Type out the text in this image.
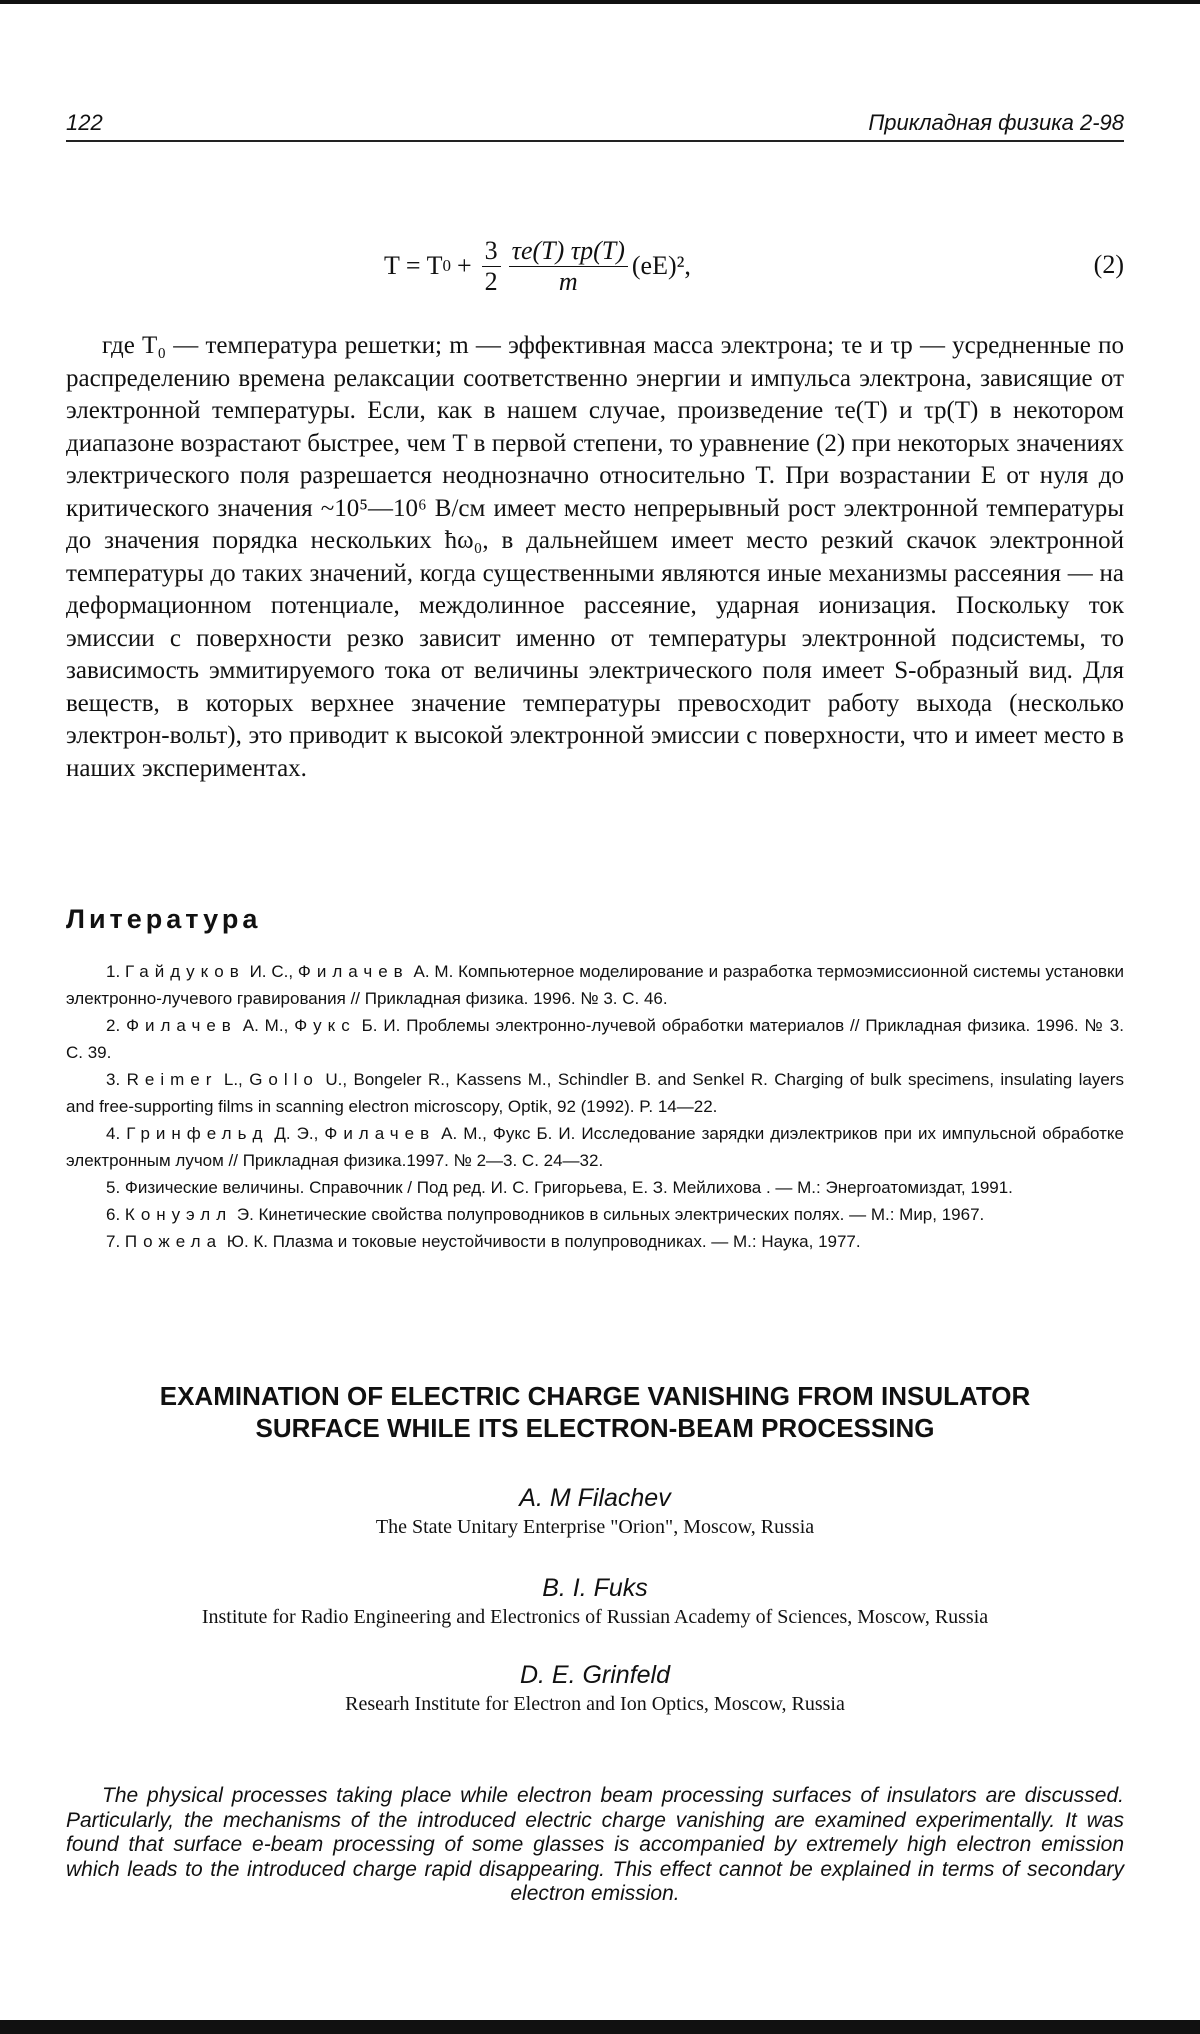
122	Прикладная физика 2-98
T = T $0 + \frac{3}{2} \frac{\tau e(T) \tau p(T)}{m} (eE)^2$,	(2)

где T₀ — температура решетки; m — эффективная масса электрона; τe и τp — усредненные по распределению времена релаксации соответственно энергии и импульса электрона, зависящие от электронной температуры. Если, как в нашем случае, произведение τe(T) и τp(T) в некотором диапазоне возрастают быстрее, чем T в первой степени, то уравнение (2) при некоторых значениях электрического поля разрешается неоднозначно относительно T. При возрастании E от нуля до критического значения ~10⁵—10⁶ В/см имеет место непрерывный рост электронной температуры до значения порядка нескольких ħω₀, в дальнейшем имеет место резкий скачок электронной температуры до таких значений, когда существенными являются иные механизмы рассеяния — на деформационном потенциале, междолинное рассеяние, ударная ионизация. Поскольку ток эмиссии с поверхности резко зависит именно от температуры электронной подсистемы, то зависимость эммитируемого тока от величины электрического поля имеет S-образный вид. Для веществ, в которых верхнее значение температуры превосходит работу выхода (несколько электрон-вольт), это приводит к высокой электронной эмиссии с поверхности, что и имеет место в наших экспериментах.

Литература

1. Гайдуков И. С., Филачев А. М. Компьютерное моделирование и разработка термоэмиссионной системы установки электронно-лучевого гравирования // Прикладная физика. 1996. № 3. С. 46.

2. Филачев А. М., Фукс Б. И. Проблемы электронно-лучевой обработки материалов // Прикладная физика. 1996. № 3. С. 39.

3. Reimer L., Gollo U., Bongeler R., Kassens M., Schindler B. and Senkel R. Charging of bulk specimens, insulating layers and free-supporting films in scanning electron microscopy, Optik, 92 (1992). P. 14—22.

4. Гринфельд Д. Э., Филачев А. М., Фукс Б. И. Исследование зарядки диэлектриков при их импульсной обработке электронным лучом // Прикладная физика.1997. № 2—3. С. 24—32.

5. Физические величины. Справочник / Под ред. И. С. Григорьева, Е. З. Мейлихова . — М.: Энергоатомиздат, 1991.

6. Конуэлл Э. Кинетические свойства полупроводников в сильных электрических полях. — М.: Мир, 1967.

7. Пожела Ю. К. Плазма и токовые неустойчивости в полупроводниках. — М.: Наука, 1977.

EXAMINATION OF ELECTRIC CHARGE VANISHING FROM INSULATOR
SURFACE WHILE ITS ELECTRON-BEAM PROCESSING
A. M Filachev
The State Unitary Enterprise "Orion", Moscow, Russia
B. I. Fuks
Institute for Radio Engineering and Electronics of Russian Academy of Sciences, Moscow, Russia
D. E. Grinfeld
Researh Institute for Electron and Ion Optics, Moscow, Russia

The physical processes taking place while electron beam processing surfaces of insulators are discussed. Particularly, the mechanisms of the introduced electric charge vanishing are examined experimentally. It was found that surface e-beam processing of some glasses is accompanied by extremely high electron emission which leads to the introduced charge rapid disappearing. This effect cannot be explained in terms of secondary electron emission.
